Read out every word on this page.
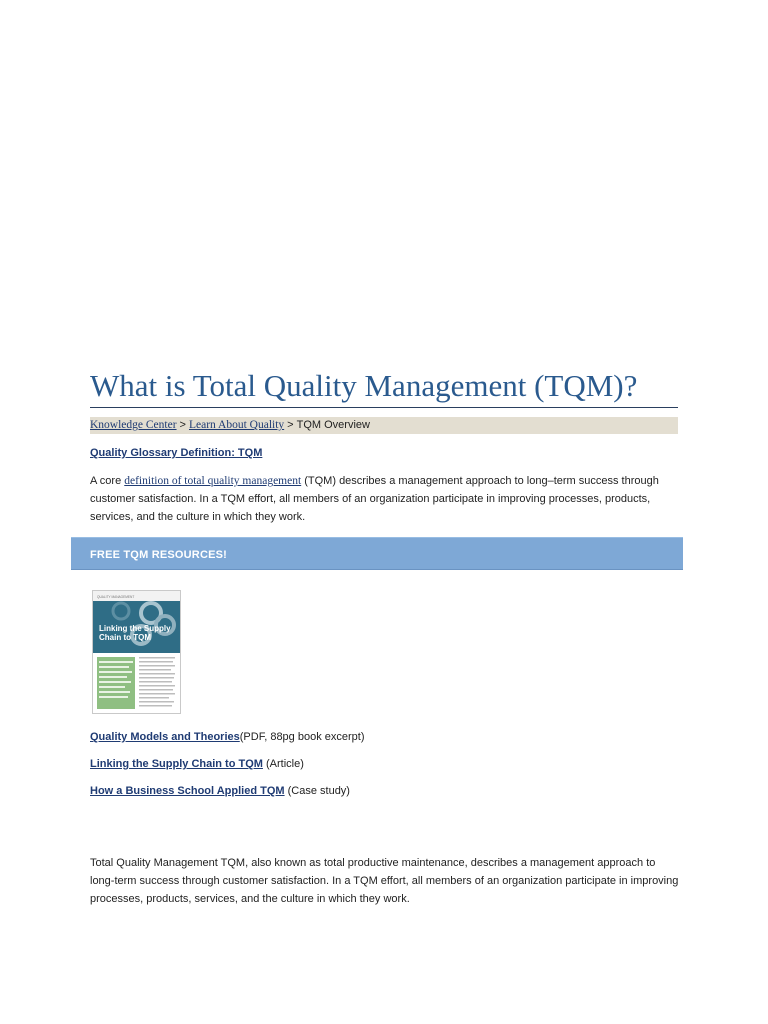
What is Total Quality Management (TQM)?
Knowledge Center > Learn About Quality > TQM Overview
Quality Glossary Definition: TQM

A core definition of total quality management (TQM) describes a management approach to long–term success through customer satisfaction. In a TQM effort, all members of an organization participate in improving processes, products, services, and the culture in which they work.

FREE TQM RESOURCES!
QUALITY MANAGEMENT
Linking the Supply
Chain to TQM
Quality Models and Theories(PDF, 88pg book excerpt)
Linking the Supply Chain to TQM (Article)
How a Business School Applied TQM (Case study)

Total Quality Management TQM, also known as total productive maintenance, describes a management approach to long-term success through customer satisfaction. In a TQM effort, all members of an organization participate in improving processes, products, services, and the culture in which they work.
